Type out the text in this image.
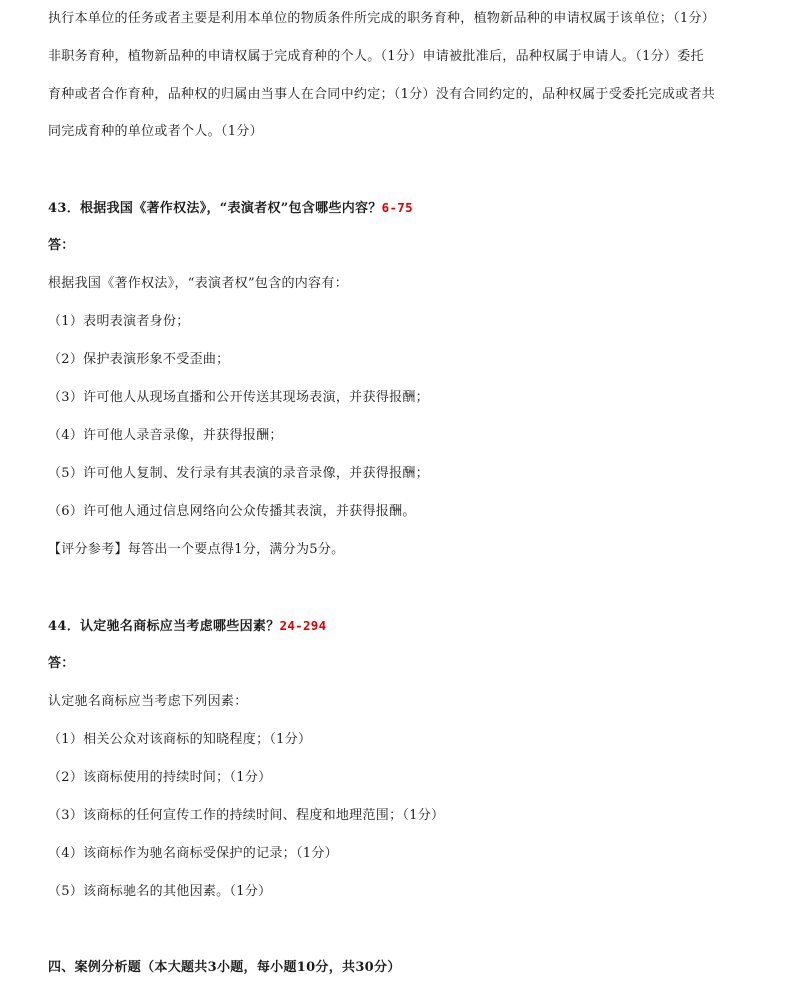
执行本单位的任务或者主要是利用本单位的物质条件所完成的职务育种，植物新品种的申请权属于该单位；（1分）
非职务育种，植物新品种的申请权属于完成育种的个人。（1分）申请被批准后，品种权属于申请人。（1分）委托
育种或者合作育种，品种权的归属由当事人在合同中约定；（1分）没有合同约定的，品种权属于受委托完成或者共
同完成育种的单位或者个人。（1分）
43．根据我国《著作权法》，“表演者权”包含哪些内容？6-75
答：
根据我国《著作权法》，“表演者权”包含的内容有：
（1）表明表演者身份；
（2）保护表演形象不受歪曲；
（3）许可他人从现场直播和公开传送其现场表演，并获得报酬；
（4）许可他人录音录像，并获得报酬；
（5）许可他人复制、发行录有其表演的录音录像，并获得报酬；
（6）许可他人通过信息网络向公众传播其表演，并获得报酬。
【评分参考】每答出一个要点得1分，满分为5分。
44．认定驰名商标应当考虑哪些因素？24-294
答：
认定驰名商标应当考虑下列因素：
（1）相关公众对该商标的知晓程度；（1分）
（2）该商标使用的持续时间；（1分）
（3）该商标的任何宣传工作的持续时间、程度和地理范围；（1分）
（4）该商标作为驰名商标受保护的记录；（1分）
（5）该商标驰名的其他因素。（1分）
四、案例分析题（本大题共3小题，每小题10分，共30分）
